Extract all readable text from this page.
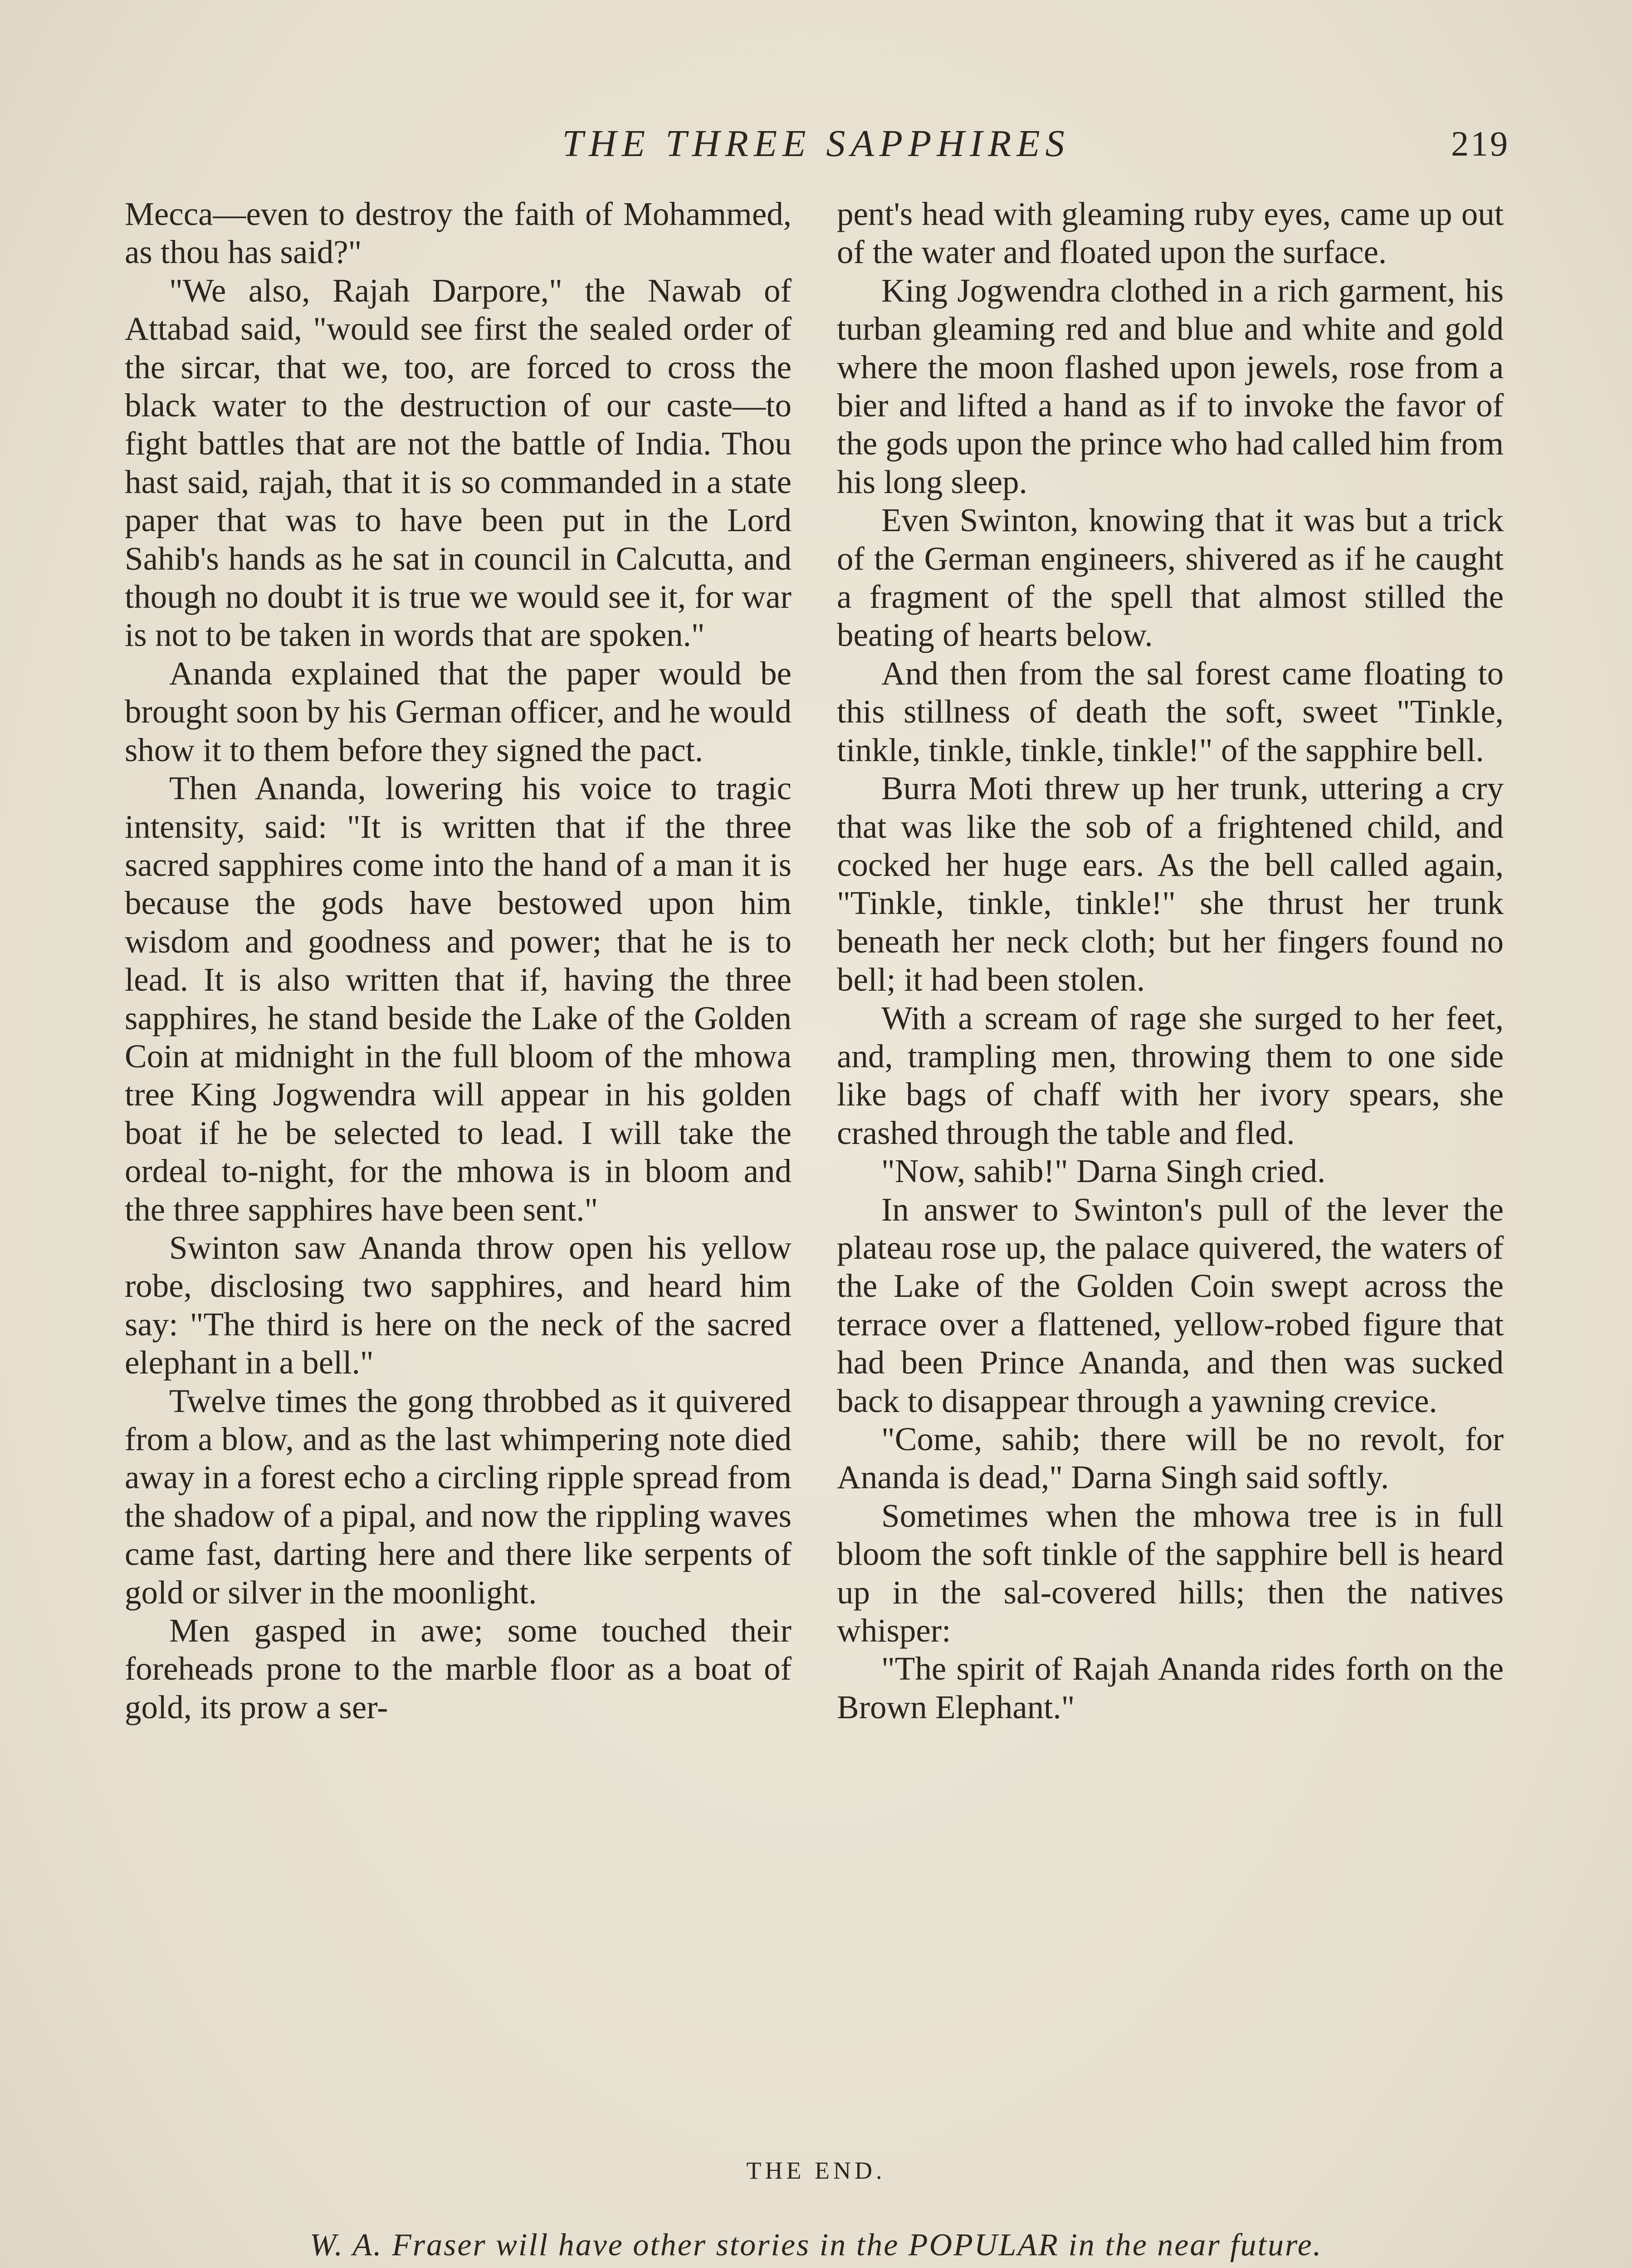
THE THREE SAPPHIRES	219

Mecca—even to destroy the faith of Mohammed, as thou has said?"

"We also, Rajah Darpore," the Nawab of Attabad said, "would see first the sealed order of the sircar, that we, too, are forced to cross the black water to the destruction of our caste—to fight battles that are not the battle of India. Thou hast said, rajah, that it is so commanded in a state paper that was to have been put in the Lord Sahib's hands as he sat in council in Calcutta, and though no doubt it is true we would see it, for war is not to be taken in words that are spoken."

Ananda explained that the paper would be brought soon by his German officer, and he would show it to them before they signed the pact.

Then Ananda, lowering his voice to tragic intensity, said: "It is written that if the three sacred sapphires come into the hand of a man it is because the gods have bestowed upon him wisdom and goodness and power; that he is to lead. It is also written that if, having the three sapphires, he stand beside the Lake of the Golden Coin at midnight in the full bloom of the mhowa tree King Jogwendra will appear in his golden boat if he be selected to lead. I will take the ordeal to-night, for the mhowa is in bloom and the three sapphires have been sent."

Swinton saw Ananda throw open his yellow robe, disclosing two sapphires, and heard him say: "The third is here on the neck of the sacred elephant in a bell."

Twelve times the gong throbbed as it quivered from a blow, and as the last whimpering note died away in a forest echo a circling ripple spread from the shadow of a pipal, and now the rippling waves came fast, darting here and there like serpents of gold or silver in the moonlight.

Men gasped in awe; some touched their foreheads prone to the marble floor as a boat of gold, its prow a ser-

pent's head with gleaming ruby eyes, came up out of the water and floated upon the surface.

King Jogwendra clothed in a rich garment, his turban gleaming red and blue and white and gold where the moon flashed upon jewels, rose from a bier and lifted a hand as if to invoke the favor of the gods upon the prince who had called him from his long sleep.

Even Swinton, knowing that it was but a trick of the German engineers, shivered as if he caught a fragment of the spell that almost stilled the beating of hearts below.

And then from the sal forest came floating to this stillness of death the soft, sweet "Tinkle, tinkle, tinkle, tinkle, tinkle!" of the sapphire bell.

Burra Moti threw up her trunk, uttering a cry that was like the sob of a frightened child, and cocked her huge ears. As the bell called again, "Tinkle, tinkle, tinkle!" she thrust her trunk beneath her neck cloth; but her fingers found no bell; it had been stolen.

With a scream of rage she surged to her feet, and, trampling men, throwing them to one side like bags of chaff with her ivory spears, she crashed through the table and fled.

"Now, sahib!" Darna Singh cried.

In answer to Swinton's pull of the lever the plateau rose up, the palace quivered, the waters of the Lake of the Golden Coin swept across the terrace over a flattened, yellow-robed figure that had been Prince Ananda, and then was sucked back to disappear through a yawning crevice.

"Come, sahib; there will be no revolt, for Ananda is dead," Darna Singh said softly.

Sometimes when the mhowa tree is in full bloom the soft tinkle of the sapphire bell is heard up in the sal-covered hills; then the natives whisper:

"The spirit of Rajah Ananda rides forth on the Brown Elephant."

THE END.
W. A. Fraser will have other stories in the POPULAR in the near future.
